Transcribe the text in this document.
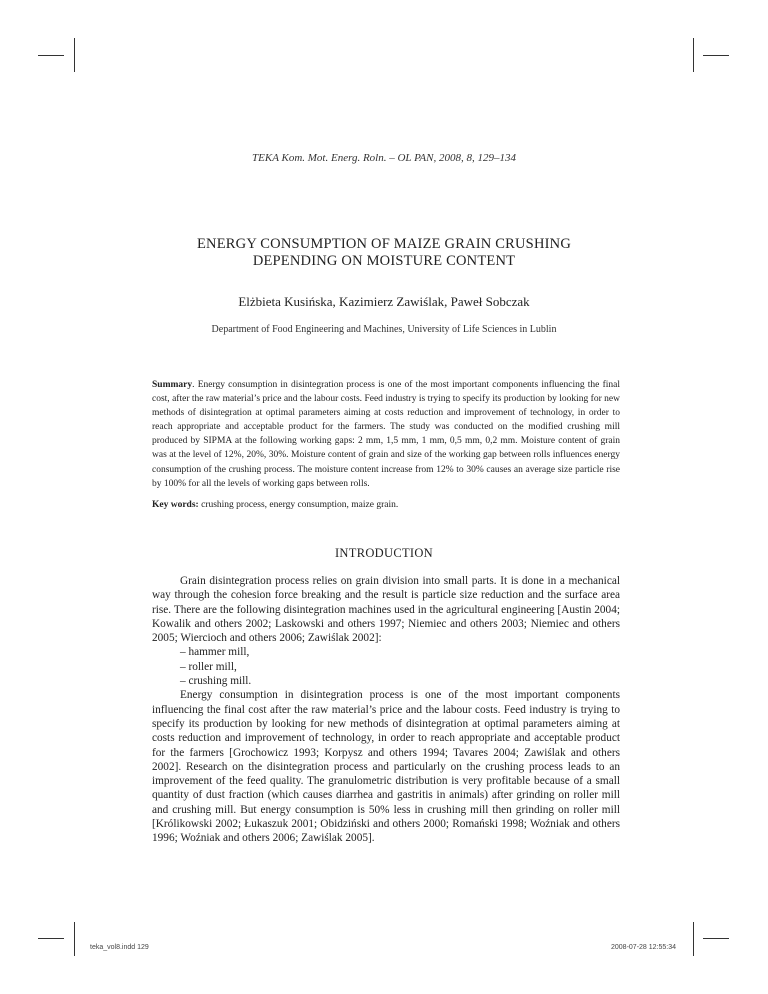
TEKA Kom. Mot. Energ. Roln. – OL PAN, 2008, 8, 129–134
ENERGY CONSUMPTION OF MAIZE GRAIN CRUSHING
DEPENDING ON MOISTURE CONTENT
Elżbieta Kusińska, Kazimierz Zawiślak, Paweł Sobczak
Department of Food Engineering and Machines, University of Life Sciences in Lublin

Summary. Energy consumption in disintegration process is one of the most important components influencing the final cost, after the raw material’s price and the labour costs. Feed industry is trying to specify its production by looking for new methods of disintegration at optimal parameters aiming at costs reduction and improvement of technology, in order to reach appropriate and acceptable product for the farmers. The study was conducted on the modified crushing mill produced by SIPMA at the following working gaps: 2 mm, 1,5 mm, 1 mm, 0,5 mm, 0,2 mm. Moisture content of grain was at the level of 12%, 20%, 30%. Moisture content of grain and size of the working gap between rolls influences energy consumption of the crushing process. The moisture content increase from 12% to 30% causes an average size particle rise by 100% for all the levels of working gaps between rolls.

Key words: crushing process, energy consumption, maize grain.

INTRODUCTION

Grain disintegration process relies on grain division into small parts. It is done in a mechanical way through the cohesion force breaking and the result is particle size reduction and the surface area rise. There are the following disintegration machines used in the agricultural engineering [Austin 2004; Kowalik and others 2002; Laskowski and others 1997; Niemiec and others 2003; Niemiec and others 2005; Wiercioch and others 2006; Zawiślak 2002]:

– hammer mill,
– roller mill,
– crushing mill.

Energy consumption in disintegration process is one of the most important components influencing the final cost after the raw material’s price and the labour costs. Feed industry is trying to specify its production by looking for new methods of disintegration at optimal parameters aiming at costs reduction and improvement of technology, in order to reach appropriate and acceptable product for the farmers [Grochowicz 1993; Korpysz and others 1994; Tavares 2004; Zawiślak and others 2002]. Research on the disintegration process and particularly on the crushing process leads to an improvement of the feed quality. The granulometric distribution is very profitable because of a small quantity of dust fraction (which causes diarrhea and gastritis in animals) after grinding on roller mill and crushing mill. But energy consumption is 50% less in crushing mill then grinding on roller mill [Królikowski 2002; Łukaszuk 2001; Obidziński and others 2000; Romański 1998; Woźniak and others 1996; Woźniak and others 2006; Zawiślak 2005].

teka_vol8.indd 129	2008-07-28 12:55:34
